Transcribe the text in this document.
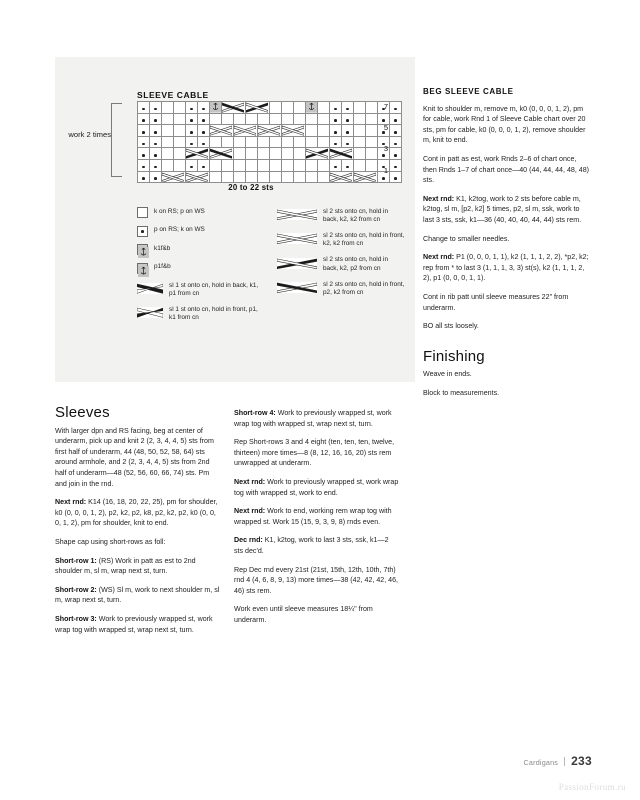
SLEEVE CABLE
work 2 times

7
5
3
1
20 to 22 sts
k on RS; p on WS
p on RS; k on WS
k1f&b
p1f&b
sl 1 st onto cn, hold in back, k1, p1 from cn
sl 1 st onto cn, hold in front, p1, k1 from cn
sl 2 sts onto cn, hold in back, k2, k2 from cn
sl 2 sts onto cn, hold in front, k2, k2 from cn
sl 2 sts onto cn, hold in back, k2, p2 from cn
sl 2 sts onto cn, hold in front, p2, k2 from cn
Sleeves

With larger dpn and RS facing, beg at center of underarm, pick up and knit 2 (2, 3, 4, 4, 5) sts from first half of underarm, 44 (48, 50, 52, 58, 64) sts around armhole, and 2 (2, 3, 4, 4, 5) sts from 2nd half of underarm—48 (52, 56, 60, 66, 74) sts. Pm and join in the rnd.

Next rnd: K14 (16, 18, 20, 22, 25), pm for shoulder, k0 (0, 0, 0, 1, 2), p2, k2, p2, k8, p2, k2, p2, k0 (0, 0, 0, 1, 2), pm for shoulder, knit to end.

Shape cap using short-rows as foll:

Short-row 1: (RS) Work in patt as est to 2nd shoulder m, sl m, wrap next st, turn.

Short-row 2: (WS) Sl m, work to next shoulder m, sl m, wrap next st, turn.

Short-row 3: Work to previously wrapped st, work wrap tog with wrapped st, wrap next st, turn.

Short-row 4: Work to previously wrapped st, work wrap tog with wrapped st, wrap next st, turn.

Rep Short-rows 3 and 4 eight (ten, ten, ten, twelve, thirteen) more times—8 (8, 12, 16, 16, 20) sts rem unwrapped at underarm.

Next rnd: Work to previously wrapped st, work wrap tog with wrapped st, work to end.

Next rnd: Work to end, working rem wrap tog with wrapped st. Work 15 (15, 9, 3, 9, 8) rnds even.

Dec rnd: K1, k2tog, work to last 3 sts, ssk, k1—2 sts dec'd.

Rep Dec rnd every 21st (21st, 15th, 12th, 10th, 7th) rnd 4 (4, 6, 8, 9, 13) more times—38 (42, 42, 42, 46, 46) sts rem.

Work even until sleeve measures 18¼" from underarm.

BEG SLEEVE CABLE

Knit to shoulder m, remove m, k0 (0, 0, 0, 1, 2), pm for cable, work Rnd 1 of Sleeve Cable chart over 20 sts, pm for cable, k0 (0, 0, 0, 1, 2), remove shoulder m, knit to end.

Cont in patt as est, work Rnds 2–6 of chart once, then Rnds 1–7 of chart once—40 (44, 44, 44, 48, 48) sts.

Next rnd: K1, k2tog, work to 2 sts before cable m, k2tog, sl m, [p2, k2] 5 times, p2, sl m, ssk, work to last 3 sts, ssk, k1—36 (40, 40, 40, 44, 44) sts rem.

Change to smaller needles.

Next rnd: P1 (0, 0, 0, 1, 1), k2 (1, 1, 1, 2, 2), *p2, k2; rep from * to last 3 (1, 1, 1, 3, 3) st(s), k2 (1, 1, 1, 2, 2), p1 (0, 0, 0, 1, 1).

Cont in rib patt until sleeve measures 22" from underarm.

BO all sts loosely.

Finishing

Weave in ends.

Block to measurements.

Cardigans 233
PassionForum.ru
